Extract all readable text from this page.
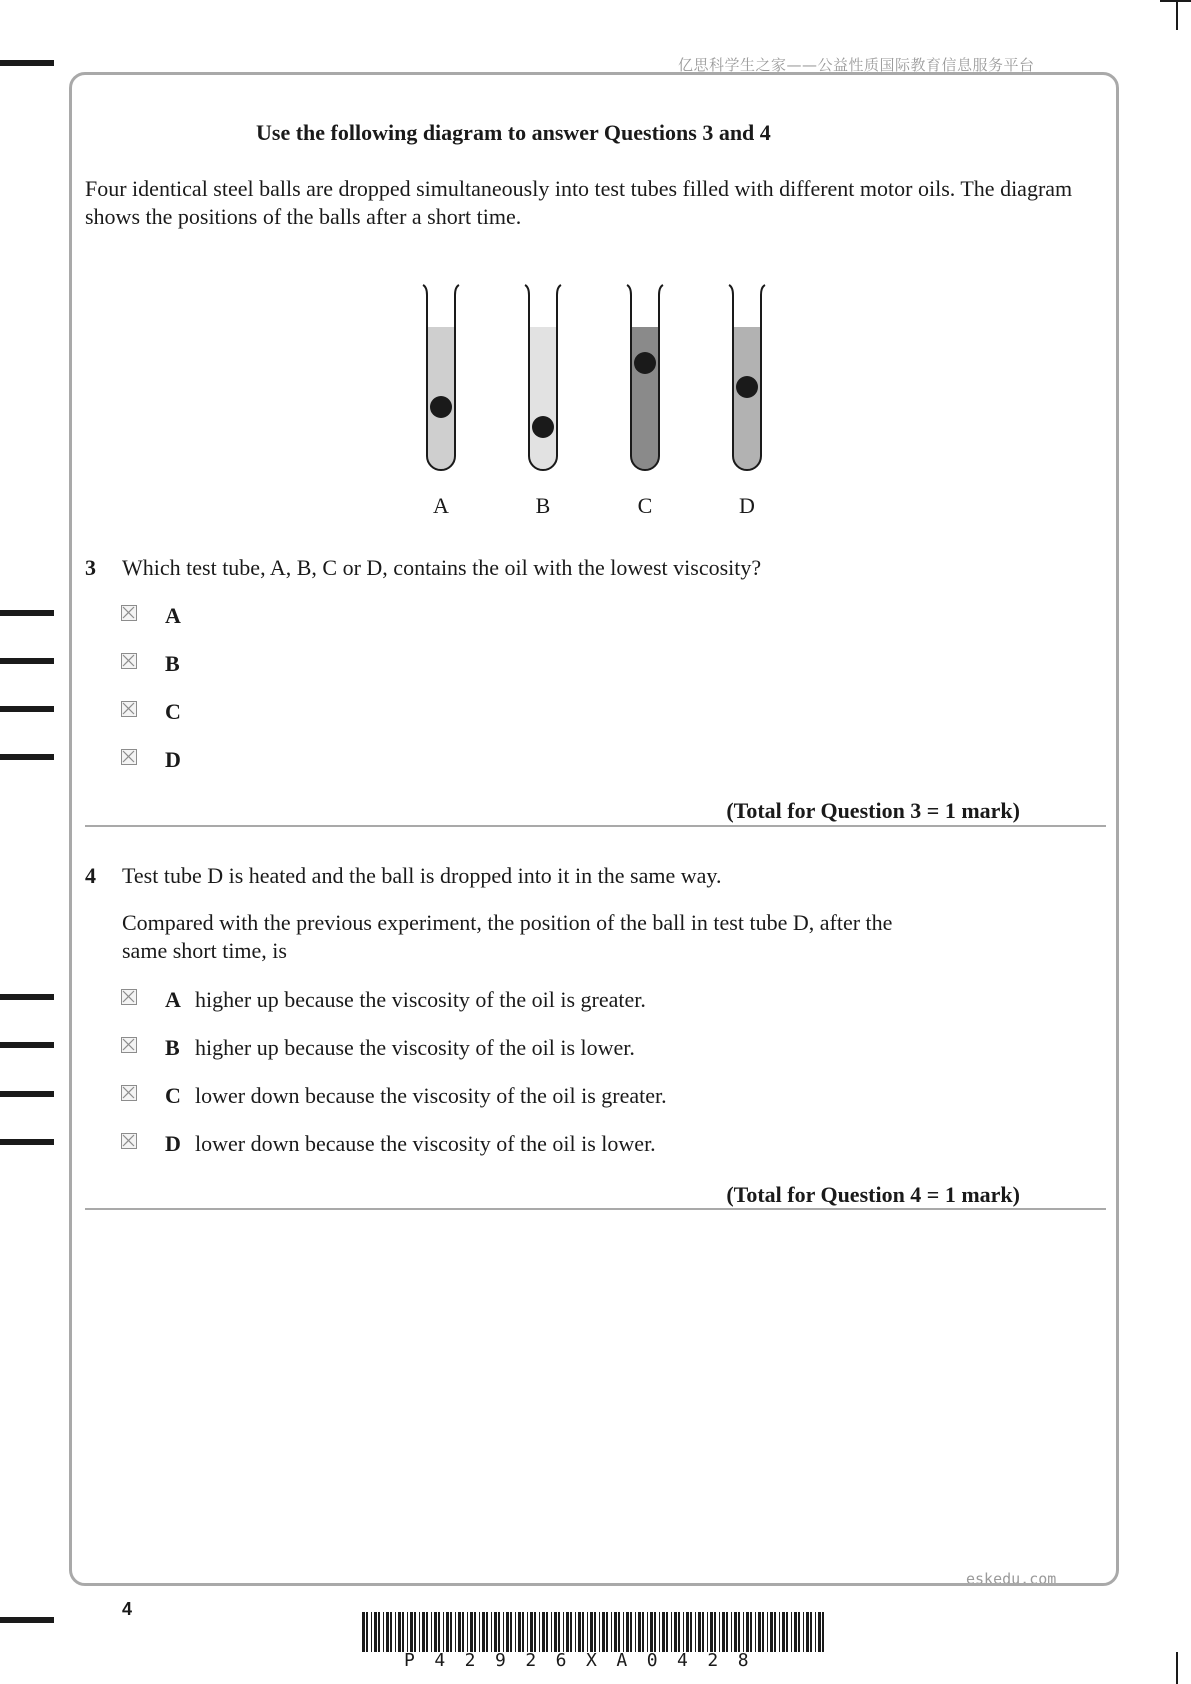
亿思科学生之家——公益性质国际教育信息服务平台
eskedu.com
Use the following diagram to answer Questions 3 and 4
Four identical steel balls are dropped simultaneously into test tubes filled with different motor oils. The diagram shows the positions of the balls after a short time.
A	B	C	D
3 Which test tube, A, B, C or D, contains the oil with the lowest viscosity?
A
B
C
D
(Total for Question 3 = 1 mark)
4 Test tube D is heated and the ball is dropped into it in the same way.
Compared with the previous experiment, the position of the ball in test tube D, after the
same short time, is
A higher up because the viscosity of the oil is greater.
B higher up because the viscosity of the oil is lower.
C lower down because the viscosity of the oil is greater.
D lower down because the viscosity of the oil is lower.
(Total for Question 4 = 1 mark)
4
P42926XA0428
